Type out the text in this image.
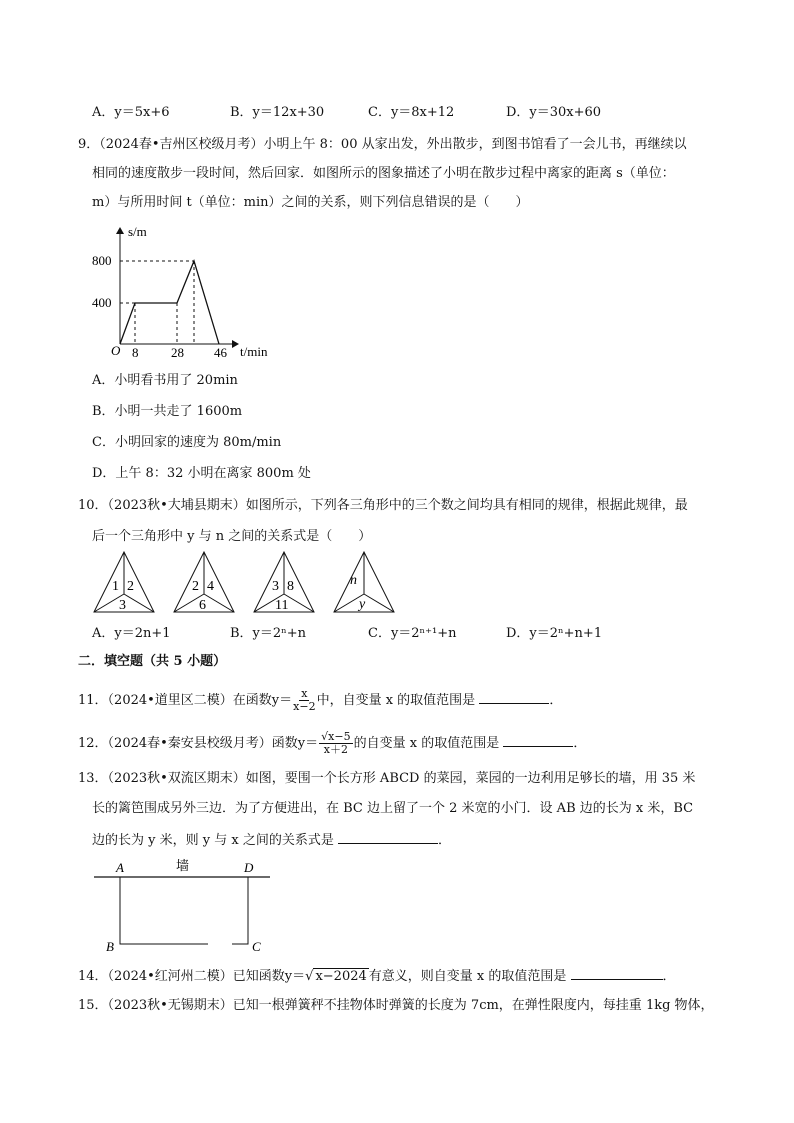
A．y＝5x+6	B．y＝12x+30	C．y＝8x+12	D．y＝30x+60
9．（2024春•吉州区校级月考）小明上午 8：00 从家出发，外出散步，到图书馆看了一会儿书，再继续以
相同的速度散步一段时间，然后回家．如图所示的图象描述了小明在散步过程中离家的距离 s（单位：
m）与所用时间 t（单位：min）之间的关系，则下列信息错误的是（　　）
s/m
t/min
O
400
800
8	28 46
A．小明看书用了 20min
B．小明一共走了 1600m
C．小明回家的速度为 80m/min
D．上午 8：32 小明在离家 800m 处
10．（2023秋•大埔县期末）如图所示，下列各三角形中的三个数之间均具有相同的规律，根据此规律，最
后一个三角形中 y 与 n 之间的关系式是（　　）
1 2
3
2 4
6
3 8
11
n
y
A．y＝2n+1	B．y＝2ⁿ+n	C．y＝2ⁿ⁺¹+n	D．y＝2ⁿ+n+1
二．填空题（共 5 小题）
11．（2024•道里区二模）在函数$y= \frac{x}{x-2}$ 中，自变量 x 的取值范围是	．
12．（2024春•秦安县校级月考）函数$y= \frac{√x-5}{x+2}$ 的自变量 x 的取值范围是	．
13．（2023秋•双流区期末）如图，要围一个长方形 ABCD 的菜园，菜园的一边利用足够长的墙，用 35 米
长的篱笆围成另外三边．为了方便进出，在 BC 边上留了一个 2 米宽的小门．设 AB 边的长为 x 米，BC
边的长为 y 米，则 y 与 x 之间的关系式是	．
A	D
B	C
墙
14．（2024•红河州二模）已知函数y＝√ x−2024 有意义，则自变量 x 的取值范围是	．
15．（2023秋•无锡期末）已知一根弹簧秤不挂物体时弹簧的长度为 7cm，在弹性限度内，每挂重 1kg 物体，
